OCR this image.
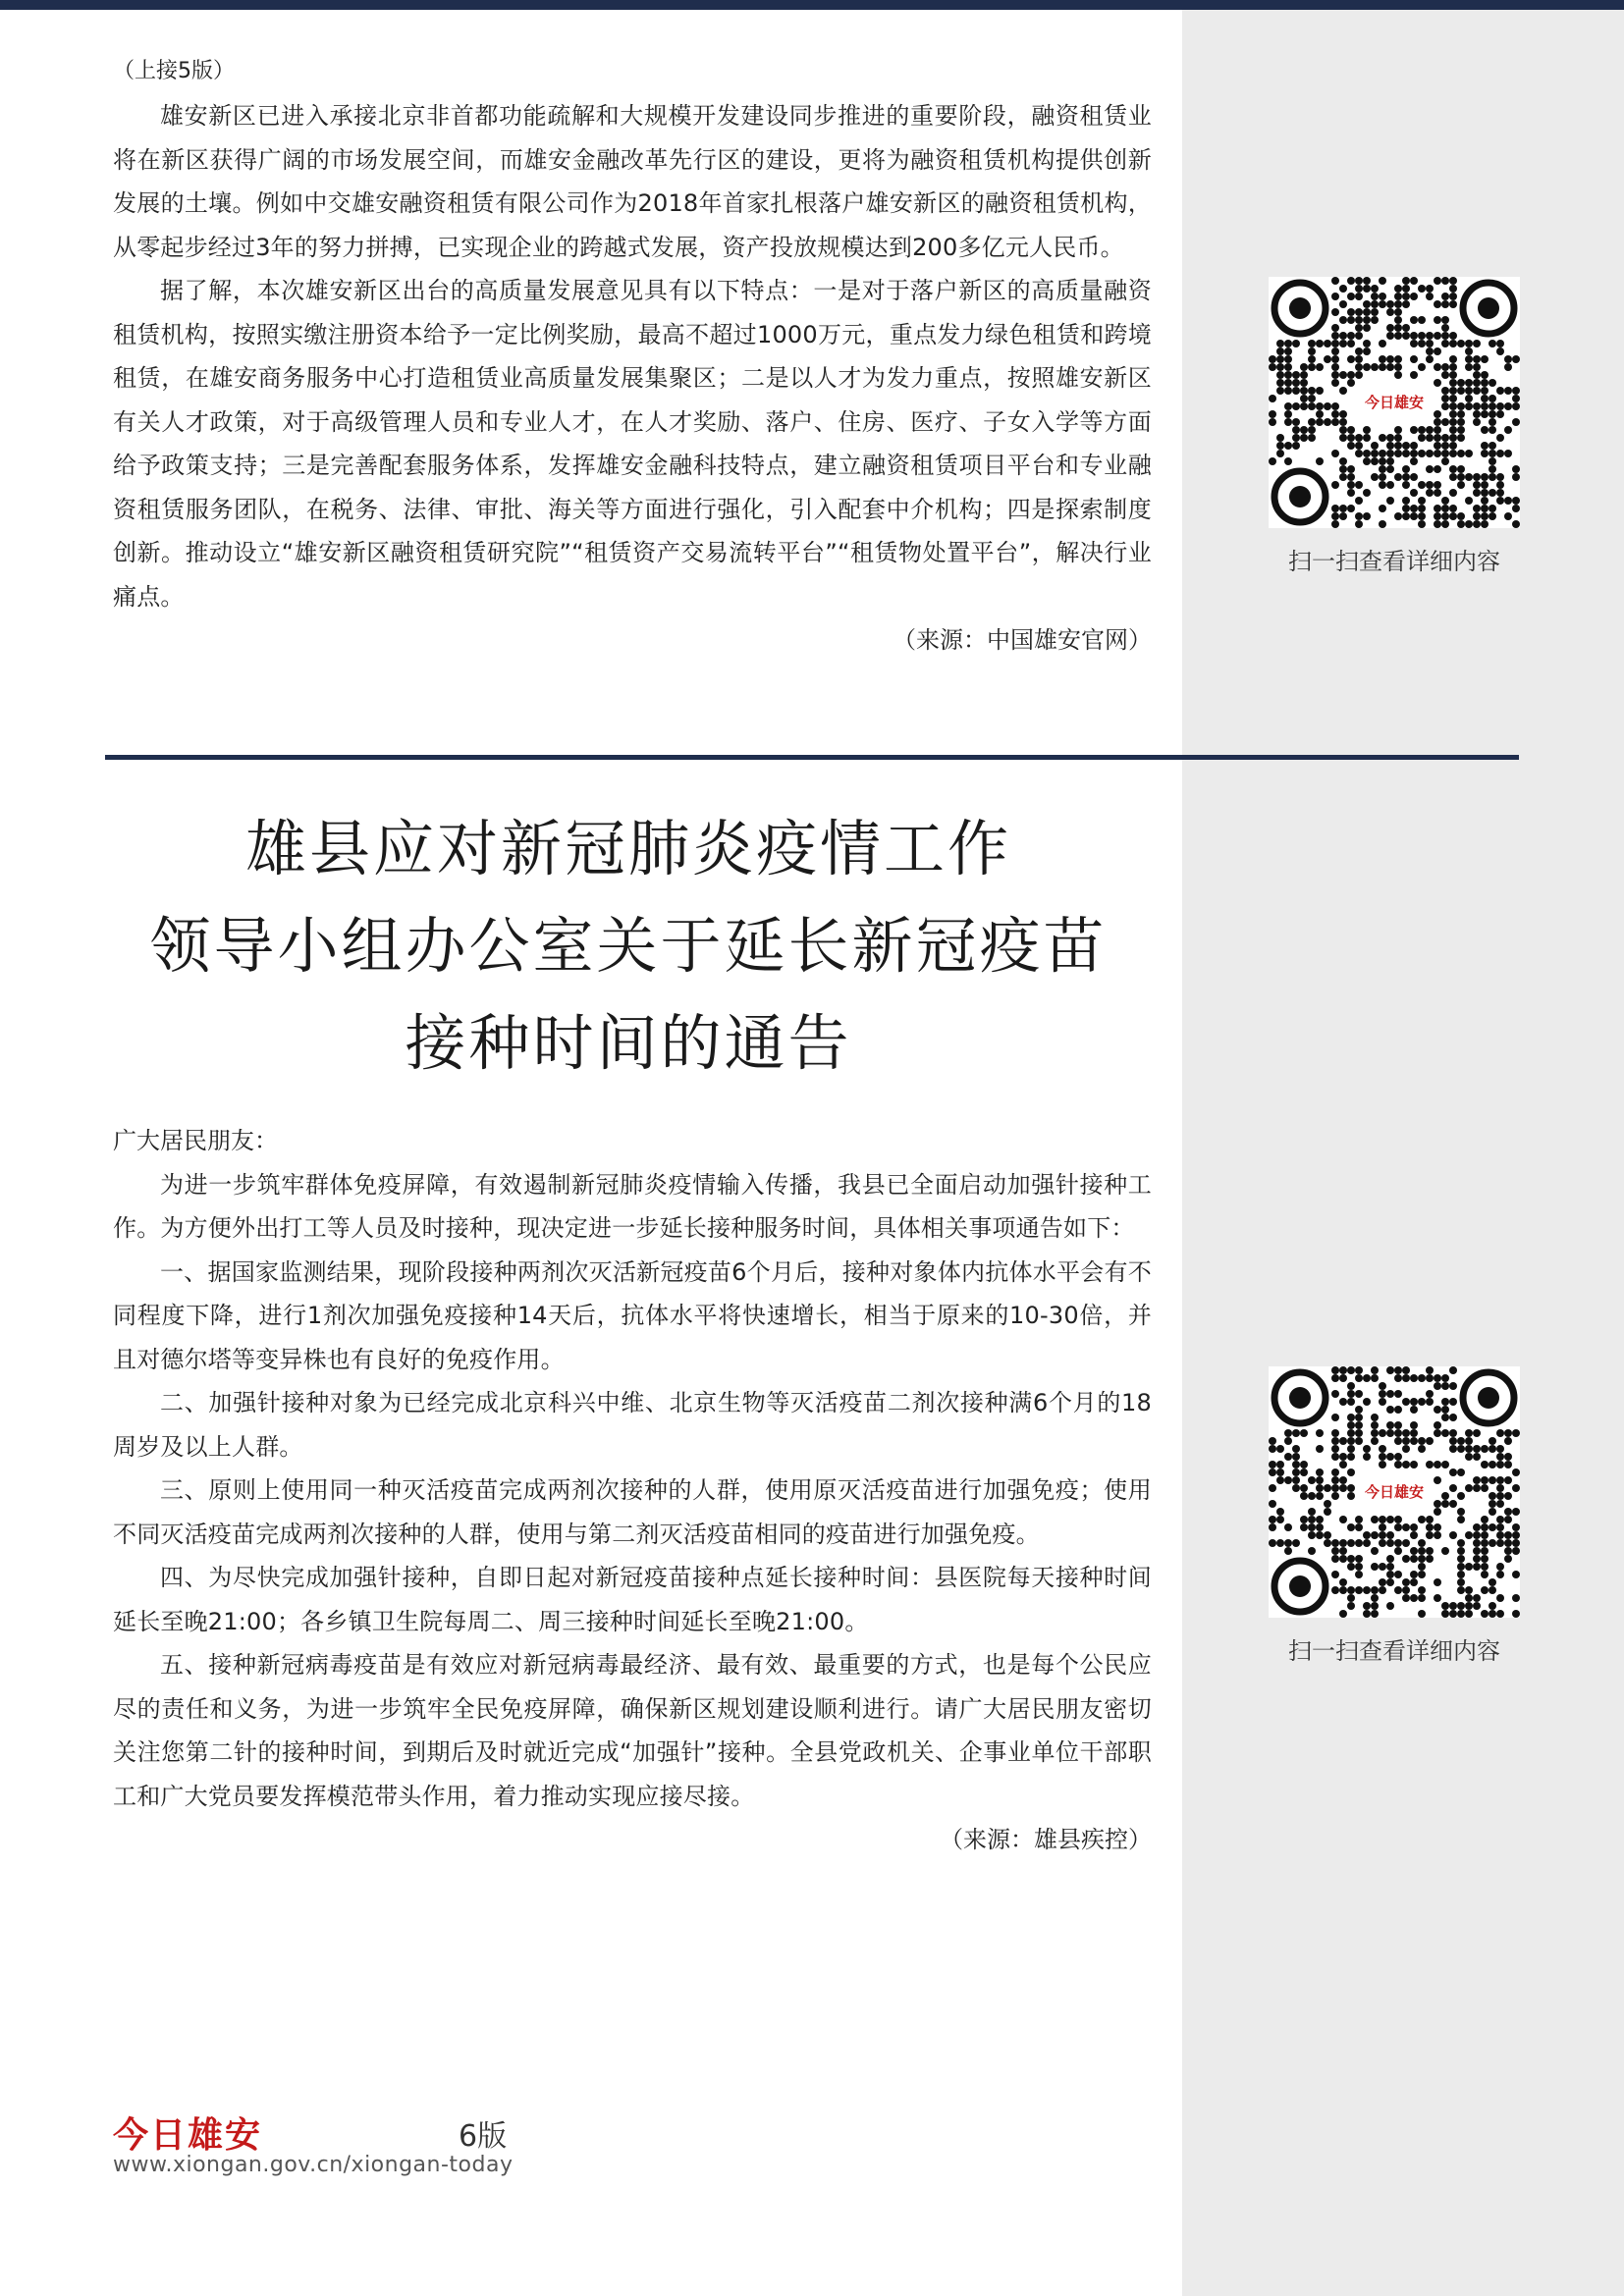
（上接5版）

雄安新区已进入承接北京非首都功能疏解和大规模开发建设同步推进的重要阶段，融资租赁业将在新区获得广阔的市场发展空间，而雄安金融改革先行区的建设，更将为融资租赁机构提供创新发展的土壤。例如中交雄安融资租赁有限公司作为2018年首家扎根落户雄安新区的融资租赁机构，从零起步经过3年的努力拼搏，已实现企业的跨越式发展，资产投放规模达到200多亿元人民币。

据了解，本次雄安新区出台的高质量发展意见具有以下特点：一是对于落户新区的高质量融资租赁机构，按照实缴注册资本给予一定比例奖励，最高不超过1000万元，重点发力绿色租赁和跨境租赁，在雄安商务服务中心打造租赁业高质量发展集聚区；二是以人才为发力重点，按照雄安新区有关人才政策，对于高级管理人员和专业人才，在人才奖励、落户、住房、医疗、子女入学等方面给予政策支持；三是完善配套服务体系，发挥雄安金融科技特点，建立融资租赁项目平台和专业融资租赁服务团队，在税务、法律、审批、海关等方面进行强化，引入配套中介机构；四是探索制度创新。推动设立“雄安新区融资租赁研究院”“租赁资产交易流转平台”“租赁物处置平台”，解决行业痛点。

（来源：中国雄安官网）

雄县应对新冠肺炎疫情工作
领导小组办公室关于延长新冠疫苗
接种时间的通告

广大居民朋友：

为进一步筑牢群体免疫屏障，有效遏制新冠肺炎疫情输入传播，我县已全面启动加强针接种工作。为方便外出打工等人员及时接种，现决定进一步延长接种服务时间，具体相关事项通告如下：

一、据国家监测结果，现阶段接种两剂次灭活新冠疫苗6个月后，接种对象体内抗体水平会有不同程度下降，进行1剂次加强免疫接种14天后，抗体水平将快速增长，相当于原来的10-30倍，并且对德尔塔等变异株也有良好的免疫作用。

二、加强针接种对象为已经完成北京科兴中维、北京生物等灭活疫苗二剂次接种满6个月的18周岁及以上人群。

三、原则上使用同一种灭活疫苗完成两剂次接种的人群，使用原灭活疫苗进行加强免疫；使用不同灭活疫苗完成两剂次接种的人群，使用与第二剂灭活疫苗相同的疫苗进行加强免疫。

四、为尽快完成加强针接种，自即日起对新冠疫苗接种点延长接种时间：县医院每天接种时间延长至晚21:00；各乡镇卫生院每周二、周三接种时间延长至晚21:00。

五、接种新冠病毒疫苗是有效应对新冠病毒最经济、最有效、最重要的方式，也是每个公民应尽的责任和义务，为进一步筑牢全民免疫屏障，确保新区规划建设顺利进行。请广大居民朋友密切关注您第二针的接种时间，到期后及时就近完成“加强针”接种。全县党政机关、企事业单位干部职工和广大党员要发挥模范带头作用，着力推动实现应接尽接。

（来源：雄县疾控）

今日雄安
扫一扫查看详细内容
今日雄安
扫一扫查看详细内容
今日雄安	6版
www.xiongan.gov.cn/xiongan-today
